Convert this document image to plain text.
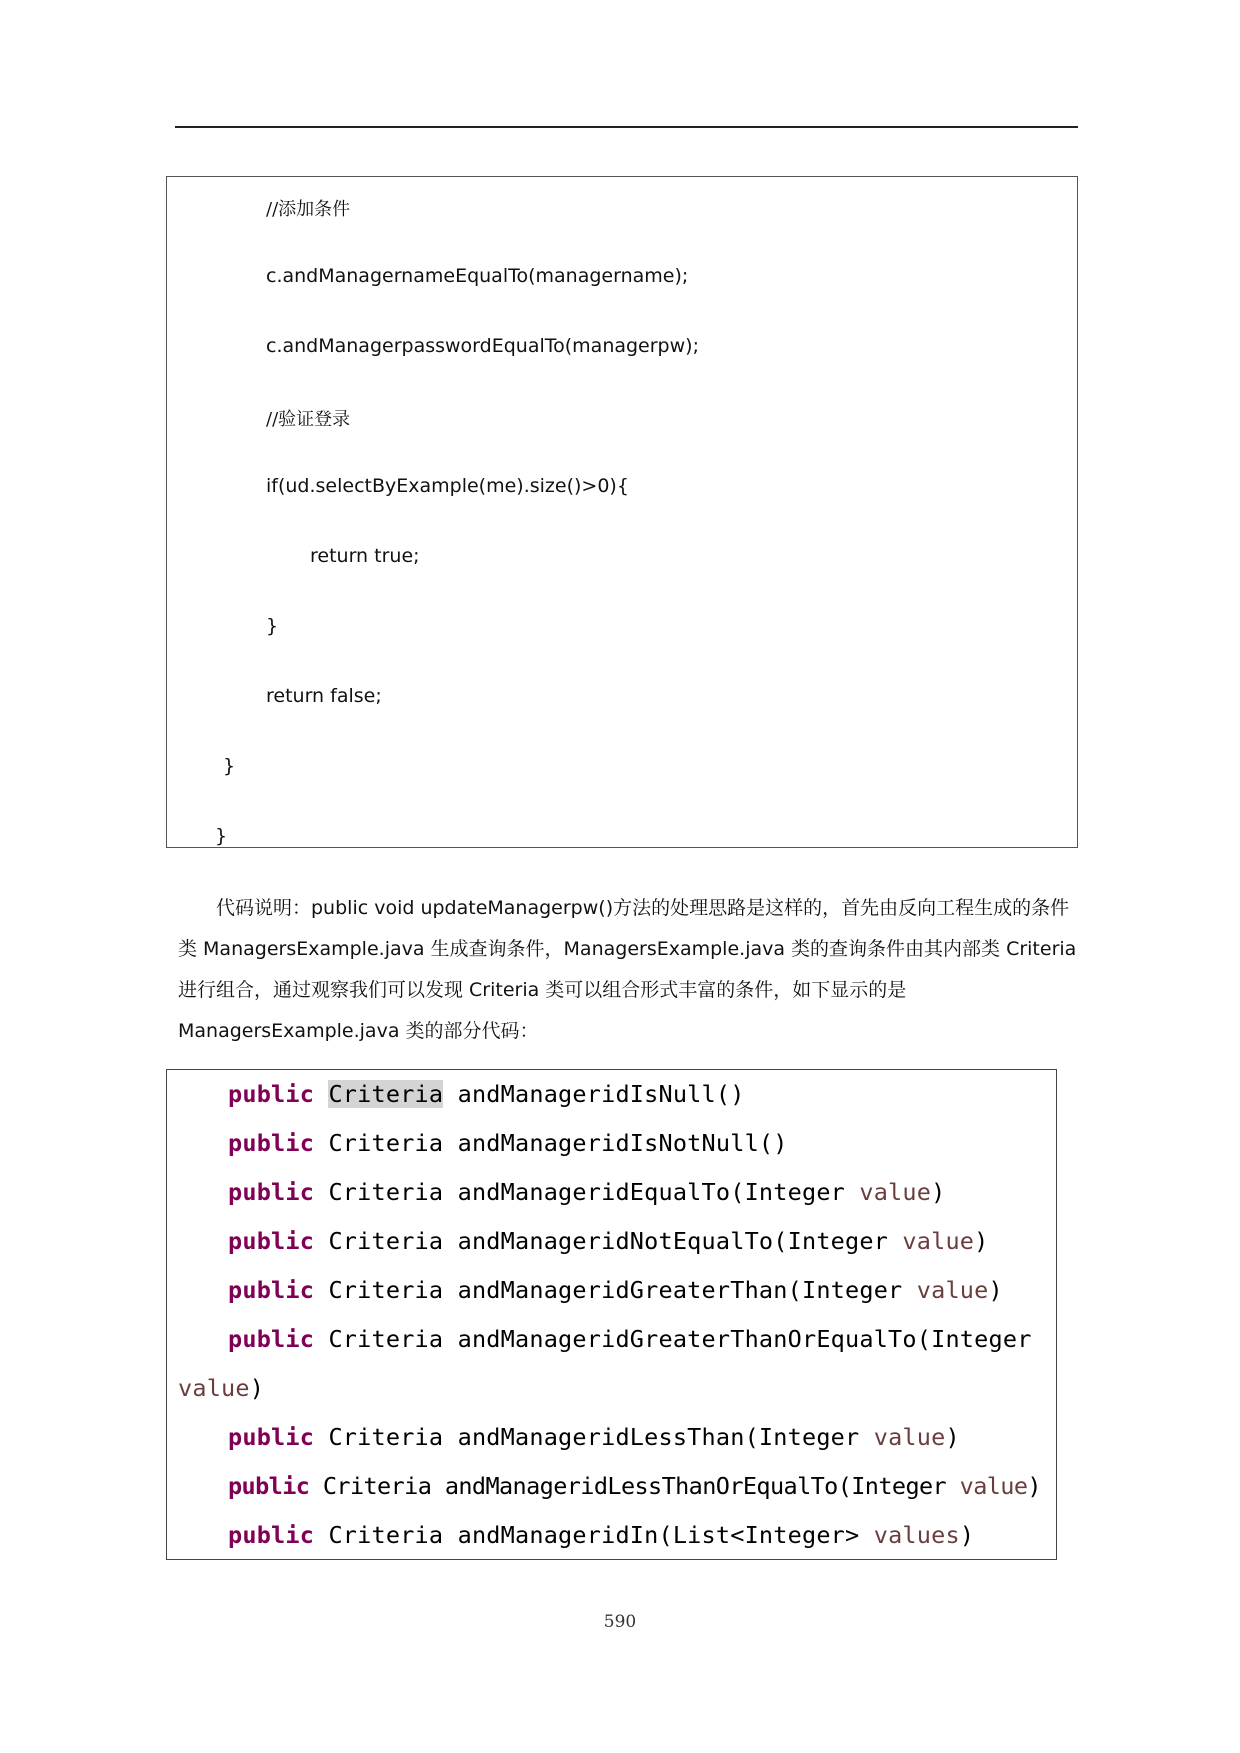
//添加条件
c.andManagernameEqualTo(managername);
c.andManagerpasswordEqualTo(managerpw);
//验证登录
if(ud.selectByExample(me).size()>0){
return true;
}
return false;
}
}
代码说明：public void updateManagerpw()方法的处理思路是这样的，首先由反向工程生成的条件
类 ManagersExample.java 生成查询条件，ManagersExample.java 类的查询条件由其内部类 Criteria
进行组合，通过观察我们可以发现 Criteria 类可以组合形式丰富的条件，如下显示的是
ManagersExample.java 类的部分代码：
public Criteria andManageridIsNull()
public Criteria andManageridIsNotNull()
public Criteria andManageridEqualTo(Integer value)
public Criteria andManageridNotEqualTo(Integer value)
public Criteria andManageridGreaterThan(Integer value)
public Criteria andManageridGreaterThanOrEqualTo(Integer
value)
public Criteria andManageridLessThan(Integer value)
public Criteria andManageridLessThanOrEqualTo(Integer value)
public Criteria andManageridIn(List<Integer> values)
590
